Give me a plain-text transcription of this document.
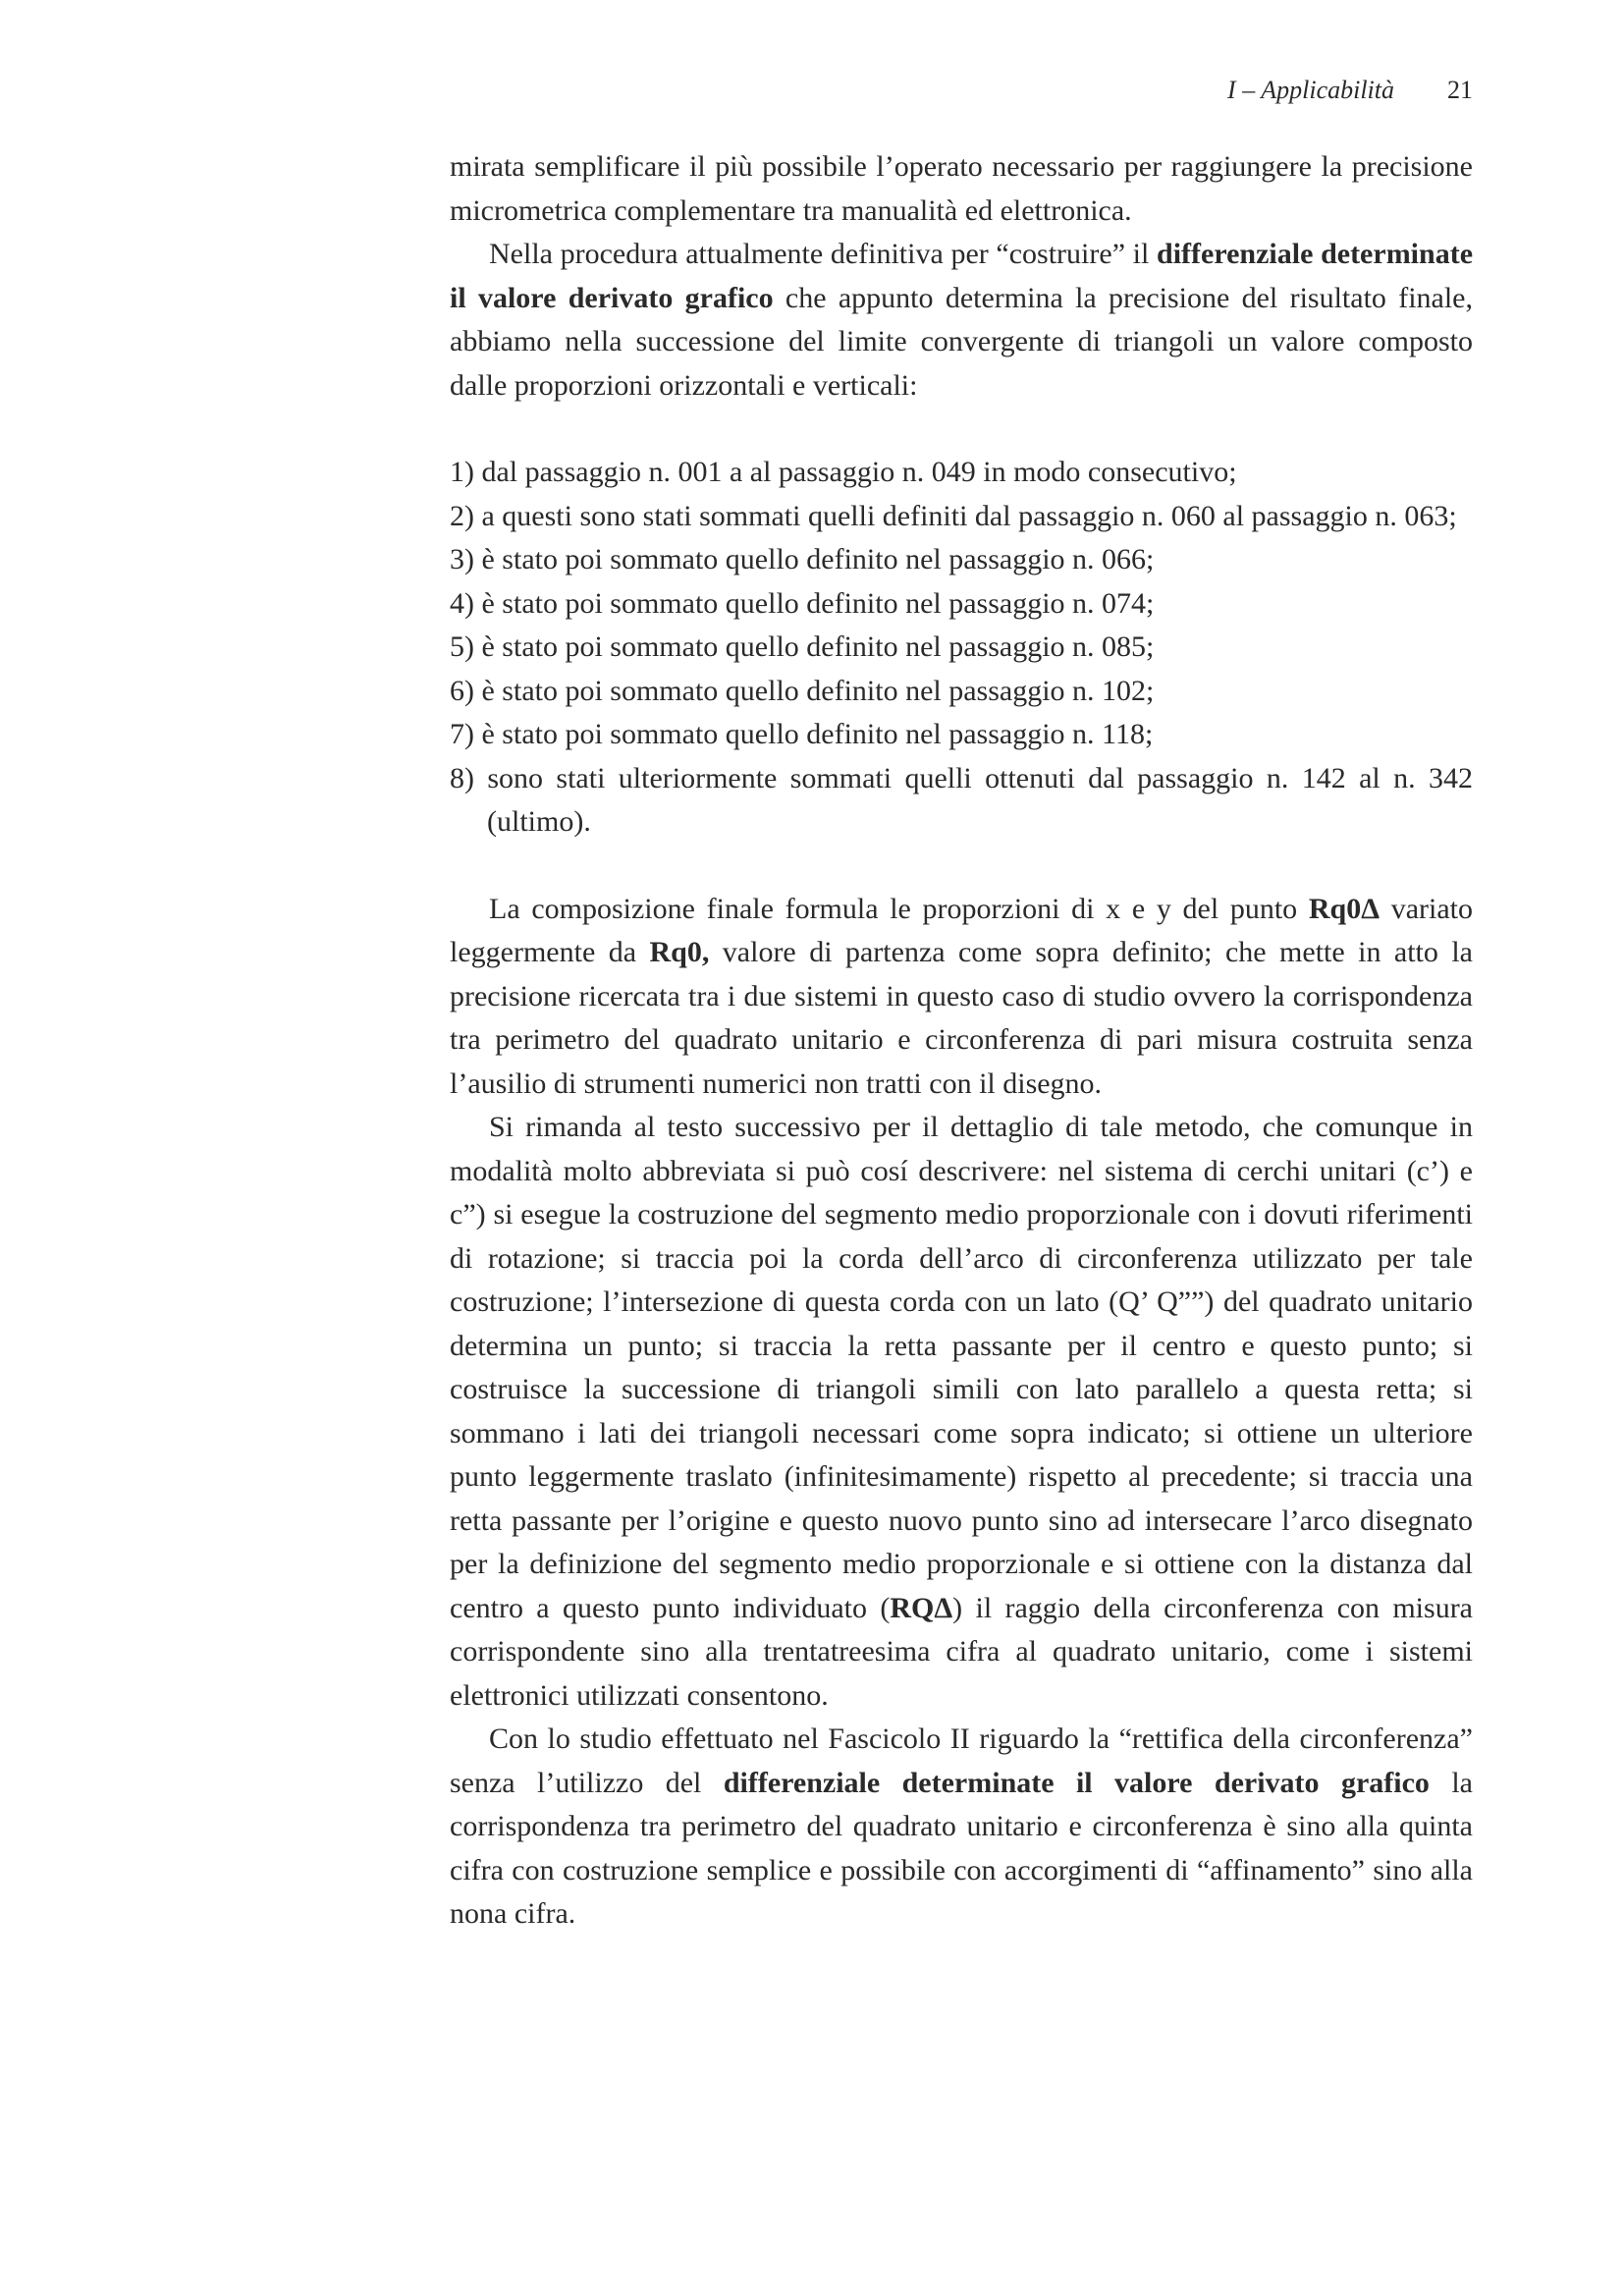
I – Applicabilità 21

mirata semplificare il più possibile l’operato necessario per raggiungere la precisione micrometrica complementare tra manualità ed elettronica.

Nella procedura attualmente definitiva per “costruire” il differenziale determinate il valore derivato grafico che appunto determina la precisione del risultato finale, abbiamo nella successione del limite convergente di triangoli un valore composto dalle proporzioni orizzontali e verticali:

1) dal passaggio n. 001 a al passaggio n. 049 in modo consecutivo;

2) a questi sono stati sommati quelli definiti dal passaggio n. 060 al passaggio n. 063;

3) è stato poi sommato quello definito nel passaggio n. 066;

4) è stato poi sommato quello definito nel passaggio n. 074;

5) è stato poi sommato quello definito nel passaggio n. 085;

6) è stato poi sommato quello definito nel passaggio n. 102;

7) è stato poi sommato quello definito nel passaggio n. 118;

8) sono stati ulteriormente sommati quelli ottenuti dal passaggio n. 142 al n. 342 (ultimo).

La composizione finale formula le proporzioni di x e y del punto Rq0Δ variato leggermente da Rq0, valore di partenza come sopra definito; che mette in atto la precisione ricercata tra i due sistemi in questo caso di studio ovvero la corrispondenza tra perimetro del quadrato unitario e circonferenza di pari misura costruita senza l’ausilio di strumenti numerici non tratti con il disegno.

Si rimanda al testo successivo per il dettaglio di tale metodo, che comunque in modalità molto abbreviata si può cosí descrivere: nel sistema di cerchi unitari (c’) e c”) si esegue la costruzione del segmento medio proporzionale con i dovuti riferimenti di rotazione; si traccia poi la corda dell’arco di circonferenza utilizzato per tale costruzione; l’intersezione di questa corda con un lato (Q’ Q””) del quadrato unitario determina un punto; si traccia la retta passante per il centro e questo punto; si costruisce la successione di triangoli simili con lato parallelo a questa retta; si sommano i lati dei triangoli necessari come sopra indicato; si ottiene un ulteriore punto leggermente traslato (infinitesimamente) rispetto al precedente; si traccia una retta passante per l’origine e questo nuovo punto sino ad intersecare l’arco disegnato per la definizione del segmento medio proporzionale e si ottiene con la distanza dal centro a questo punto individuato (RQΔ) il raggio della circonferenza con misura corrispondente sino alla trentatreesima cifra al quadrato unitario, come i sistemi elettronici utilizzati consentono.

Con lo studio effettuato nel Fascicolo II riguardo la “rettifica della circonferenza” senza l’utilizzo del differenziale determinate il valore derivato grafico la corrispondenza tra perimetro del quadrato unitario e circonferenza è sino alla quinta cifra con costruzione semplice e possibile con accorgimenti di “affinamento” sino alla nona cifra.
